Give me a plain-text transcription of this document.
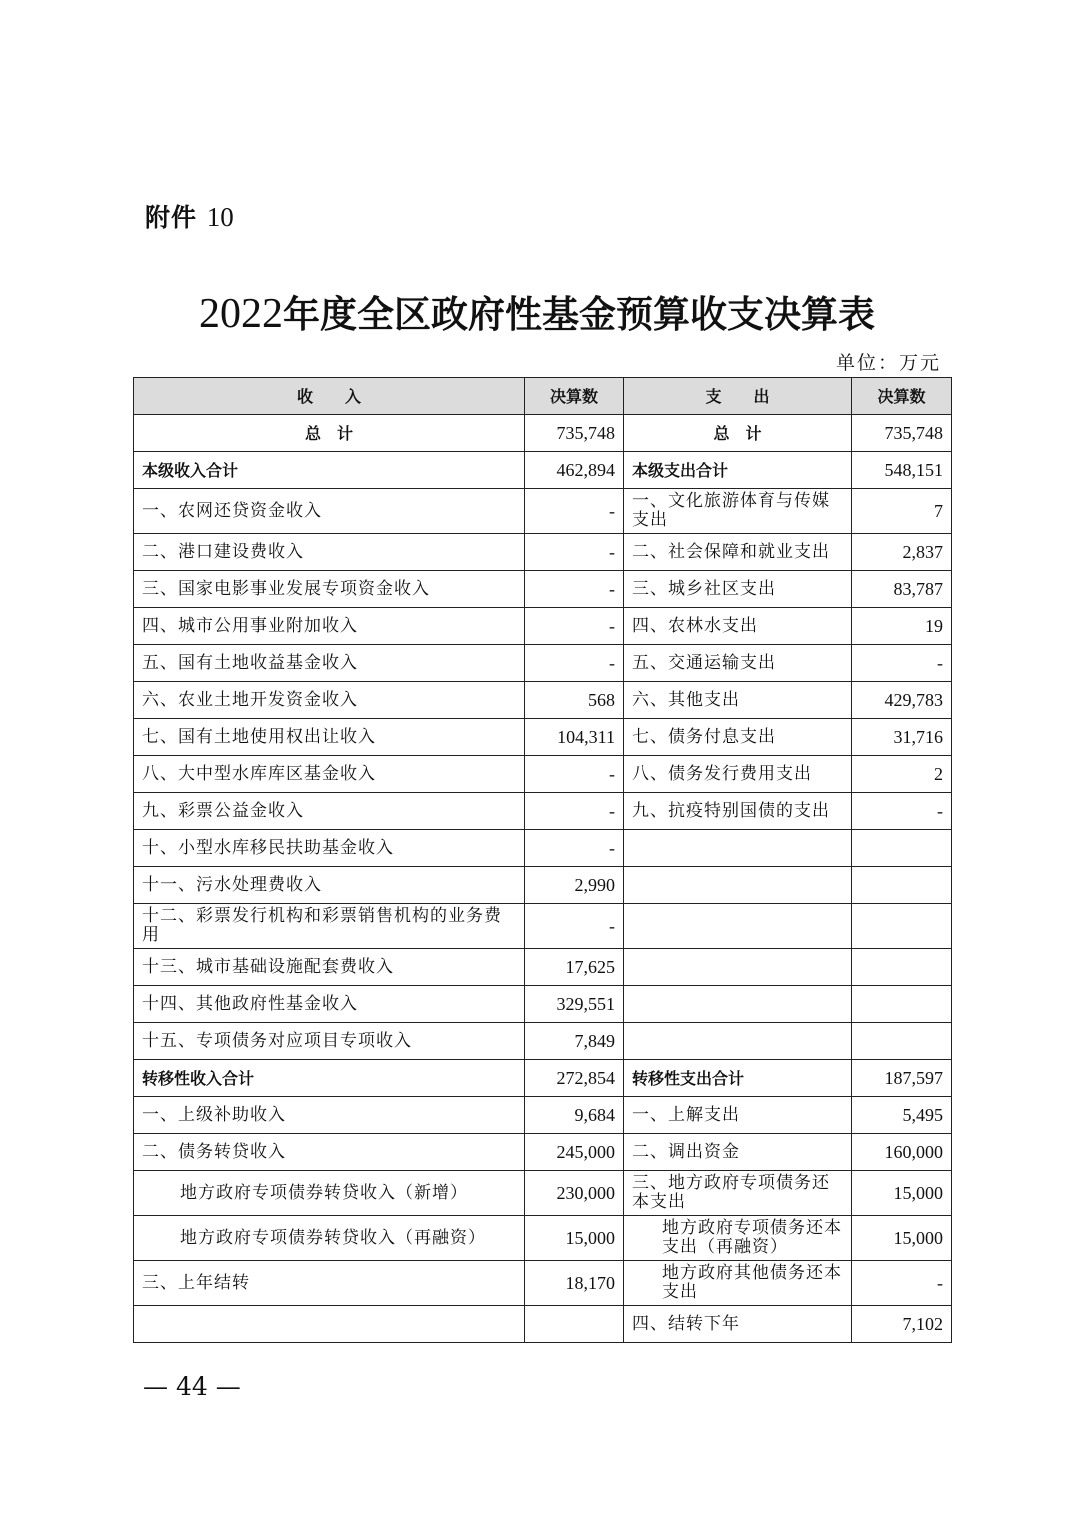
附件 10
2022年度全区政府性基金预算收支决算表
单位：万元
收　　入	决算数	支　　出	决算数
总　计	735,748	总　计	735,748
本级收入合计	462,894	本级支出合计	548,151
一、农网还贷资金收入	-	一、文化旅游体育与传媒支出	7
二、港口建设费收入	-	二、社会保障和就业支出	2,837
三、国家电影事业发展专项资金收入	-	三、城乡社区支出	83,787
四、城市公用事业附加收入	-	四、农林水支出	19
五、国有土地收益基金收入	-	五、交通运输支出	-
六、农业土地开发资金收入	568	六、其他支出	429,783
七、国有土地使用权出让收入	104,311	七、债务付息支出	31,716
八、大中型水库库区基金收入	-	八、债务发行费用支出	2
九、彩票公益金收入	-	九、抗疫特别国债的支出	-
十、小型水库移民扶助基金收入	-		
十一、污水处理费收入	2,990		
十二、彩票发行机构和彩票销售机构的业务费用	-		
十三、城市基础设施配套费收入	17,625		
十四、其他政府性基金收入	329,551		
十五、专项债务对应项目专项收入	7,849		
转移性收入合计	272,854	转移性支出合计	187,597
一、上级补助收入	9,684	一、上解支出	5,495
二、债务转贷收入	245,000	二、调出资金	160,000
地方政府专项债券转贷收入（新增）	230,000	三、地方政府专项债务还本支出	15,000
地方政府专项债券转贷收入（再融资）	15,000	地方政府专项债务还本支出（再融资）	15,000
三、上年结转	18,170	地方政府其他债务还本支出	-
		四、结转下年	7,102
— 44 —
